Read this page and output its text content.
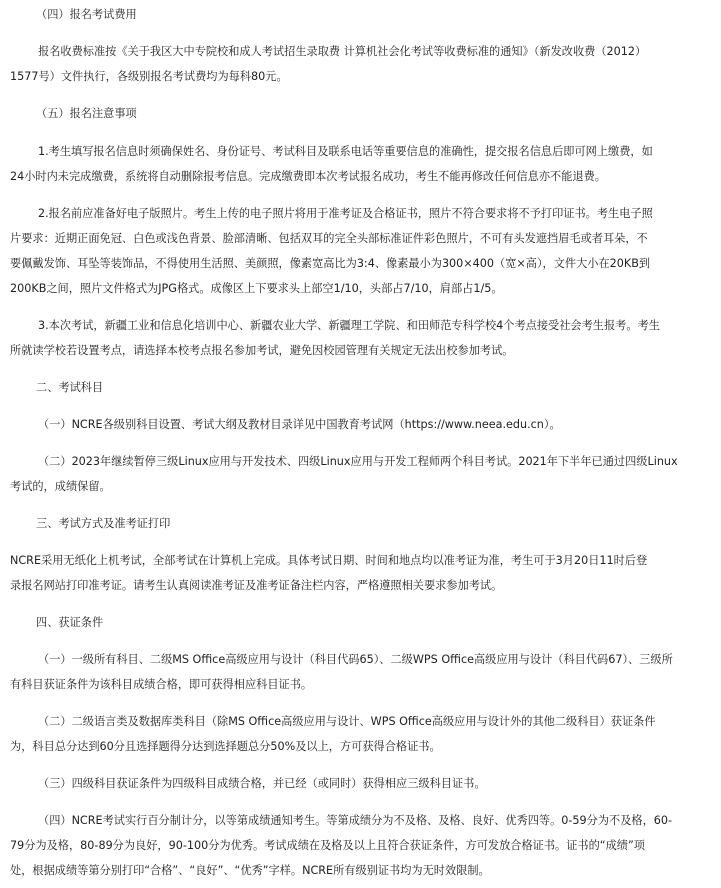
（四）报名考试费用
报名收费标准按《关于我区大中专院校和成人考试招生录取费 计算机社会化考试等收费标准的通知》（新发改收费（2012）
1577号）文件执行，各级别报名考试费均为每科80元。
（五）报名注意事项
1.考生填写报名信息时须确保姓名、身份证号、考试科目及联系电话等重要信息的准确性，提交报名信息后即可网上缴费，如
24小时内未完成缴费，系统将自动删除报考信息。完成缴费即本次考试报名成功，考生不能再修改任何信息亦不能退费。
2.报名前应准备好电子版照片。考生上传的电子照片将用于准考证及合格证书，照片不符合要求将不予打印证书。考生电子照
片要求：近期正面免冠、白色或浅色背景、脸部清晰、包括双耳的完全头部标准证件彩色照片，不可有头发遮挡眉毛或者耳朵，不
要佩戴发饰、耳坠等装饰品，不得使用生活照、美颜照，像素宽高比为3:4、像素最小为300×400（宽×高），文件大小在20KB到
200KB之间，照片文件格式为JPG格式。成像区上下要求头上部空1/10，头部占7/10，肩部占1/5。
3.本次考试，新疆工业和信息化培训中心、新疆农业大学、新疆理工学院、和田师范专科学校4个考点接受社会考生报考。考生
所就读学校若设置考点，请选择本校考点报名参加考试，避免因校园管理有关规定无法出校参加考试。
二、考试科目
（一）NCRE各级别科目设置、考试大纲及教材目录详见中国教育考试网（https://www.neea.edu.cn）。
（二）2023年继续暂停三级Linux应用与开发技术、四级Linux应用与开发工程师两个科目考试。2021年下半年已通过四级Linux
考试的，成绩保留。
三、考试方式及准考证打印
NCRE采用无纸化上机考试，全部考试在计算机上完成。具体考试日期、时间和地点均以准考证为准，考生可于3月20日11时后登
录报名网站打印准考证。请考生认真阅读准考证及准考证备注栏内容，严格遵照相关要求参加考试。
四、获证条件
（一）一级所有科目、二级MS Office高级应用与设计（科目代码65）、二级WPS Office高级应用与设计（科目代码67）、三级所
有科目获证条件为该科目成绩合格，即可获得相应科目证书。
（二）二级语言类及数据库类科目（除MS Office高级应用与设计、WPS Office高级应用与设计外的其他二级科目）获证条件
为，科目总分达到60分且选择题得分达到选择题总分50%及以上，方可获得合格证书。
（三）四级科目获证条件为四级科目成绩合格，并已经（或同时）获得相应三级科目证书。
（四）NCRE考试实行百分制计分，以等第成绩通知考生。等第成绩分为不及格、及格、良好、优秀四等。0-59分为不及格，60-
79分为及格，80-89分为良好，90-100分为优秀。考试成绩在及格及以上且符合获证条件，方可发放合格证书。证书的“成绩”项
处，根据成绩等第分别打印“合格”、“良好”、“优秀”字样。NCRE所有级别证书均为无时效限制。
